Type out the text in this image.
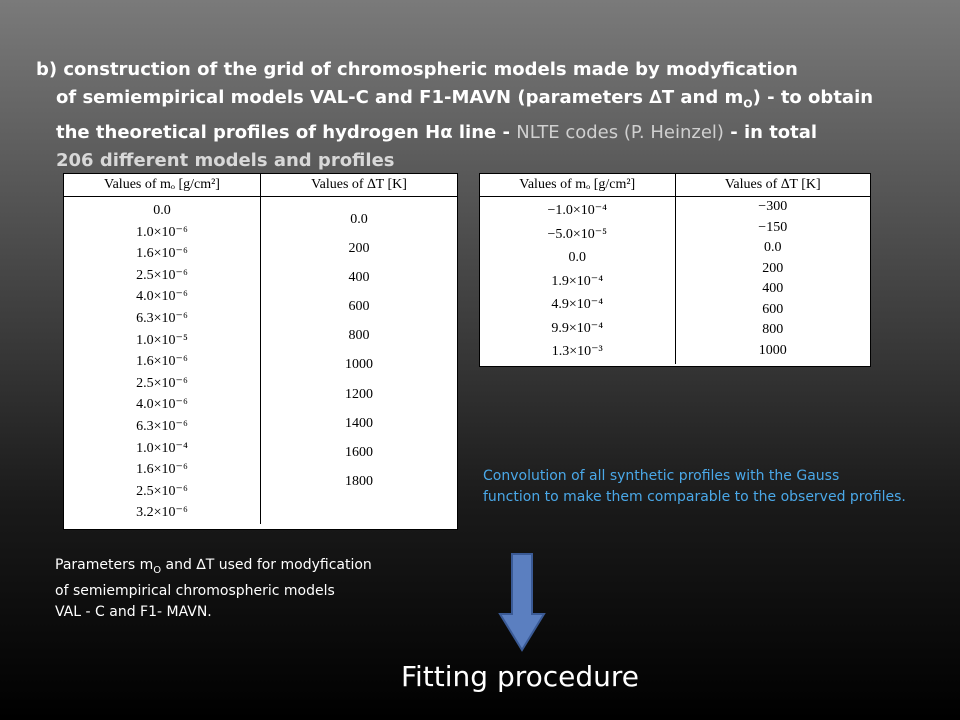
b) construction of the grid of chromospheric models made by modyfication
of semiempirical models VAL-C and F1-MAVN (parameters ∆T and $m_O$) - to obtain
the theoretical profiles of hydrogen Hα line - NLTE codes (P. Heinzel) - in total
206 different models and profiles
Values of mₒ [g/cm²]	Values of ∆T [K]
0.0
1.0×10⁻⁶
1.6×10⁻⁶
2.5×10⁻⁶
4.0×10⁻⁶
6.3×10⁻⁶
1.0×10⁻⁵
1.6×10⁻⁶
2.5×10⁻⁶
4.0×10⁻⁶
6.3×10⁻⁶
1.0×10⁻⁴
1.6×10⁻⁶
2.5×10⁻⁶
3.2×10⁻⁶
0.0
200
400
600
800
1000
1200
1400
1600
1800
Values of mₒ [g/cm²]	Values of ∆T [K]
−1.0×10⁻⁴
−5.0×10⁻⁵
0.0
1.9×10⁻⁴
4.9×10⁻⁴
9.9×10⁻⁴
1.3×10⁻³
−300
−150
0.0
200
400
600
800
1000
Convolution of all synthetic profiles with the Gauss
function to make them comparable to the observed profiles.
Parameters $m_O$ and ∆T used for modyfication
of semiempirical chromospheric models
VAL - C and F1- MAVN.
Fitting procedure
